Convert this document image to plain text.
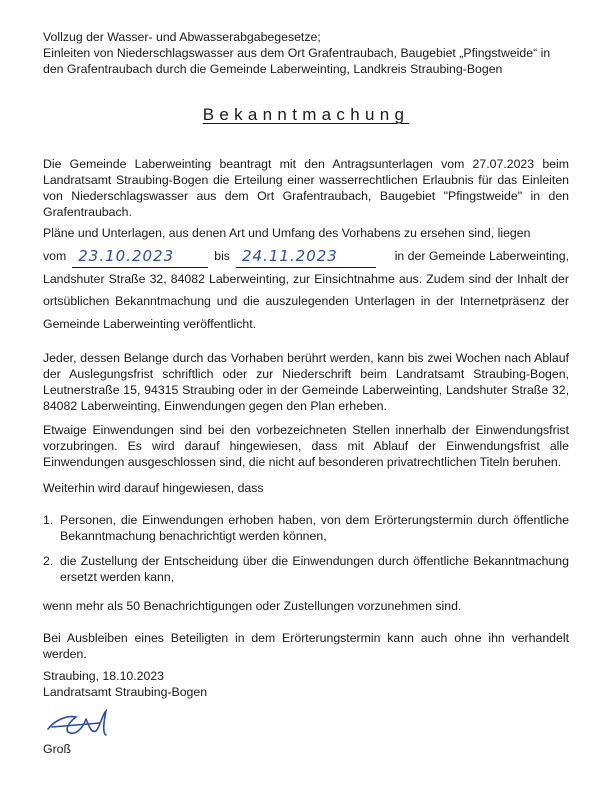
Vollzug der Wasser- und Abwasserabgabegesetze;
Einleiten von Niederschlagswasser aus dem Ort Grafentraubach, Baugebiet „Pfingstweide“ in
den Grafentraubach durch die Gemeinde Laberweinting, Landkreis Straubing-Bogen
Bekanntmachung

Die Gemeinde Laberweinting beantragt mit den Antragsunterlagen vom 27.07.2023 beim Landratsamt Straubing-Bogen die Erteilung einer wasserrechtlichen Erlaubnis für das Einleiten von Niederschlagswasser aus dem Ort Grafentraubach, Baugebiet "Pfingstweide" in den Grafentraubach.

Pläne und Unterlagen, aus denen Art und Umfang des Vorhabens zu ersehen sind, liegen
vom 23.10.2023	bis 24.11.2023	in der Gemeinde Laberweinting,
Landshuter Straße 32, 84082 Laberweinting, zur Einsichtnahme aus. Zudem sind der Inhalt der ortsüblichen Bekanntmachung und die auszulegenden Unterlagen in der Internetpräsenz der Gemeinde Laberweinting veröffentlicht.

Jeder, dessen Belange durch das Vorhaben berührt werden, kann bis zwei Wochen nach Ablauf der Auslegungsfrist schriftlich oder zur Niederschrift beim Landratsamt Straubing-Bogen, Leutnerstraße 15, 94315 Straubing oder in der Gemeinde Laberweinting, Landshuter Straße 32, 84082 Laberweinting, Einwendungen gegen den Plan erheben.

Etwaige Einwendungen sind bei den vorbezeichneten Stellen innerhalb der Einwendungsfrist vorzubringen. Es wird darauf hingewiesen, dass mit Ablauf der Einwendungsfrist alle Einwendungen ausgeschlossen sind, die nicht auf besonderen privatrechtlichen Titeln beruhen.

Weiterhin wird darauf hingewiesen, dass

1. Personen, die Einwendungen erhoben haben, von dem Erörterungstermin durch öffentliche Bekanntmachung benachrichtigt werden können,
2. die Zustellung der Entscheidung über die Einwendungen durch öffentliche Bekanntmachung ersetzt werden kann,

wenn mehr als 50 Benachrichtigungen oder Zustellungen vorzunehmen sind.

Bei Ausbleiben eines Beteiligten in dem Erörterungstermin kann auch ohne ihn verhandelt werden.

Straubing, 18.10.2023
Landratsamt Straubing-Bogen
Groß
